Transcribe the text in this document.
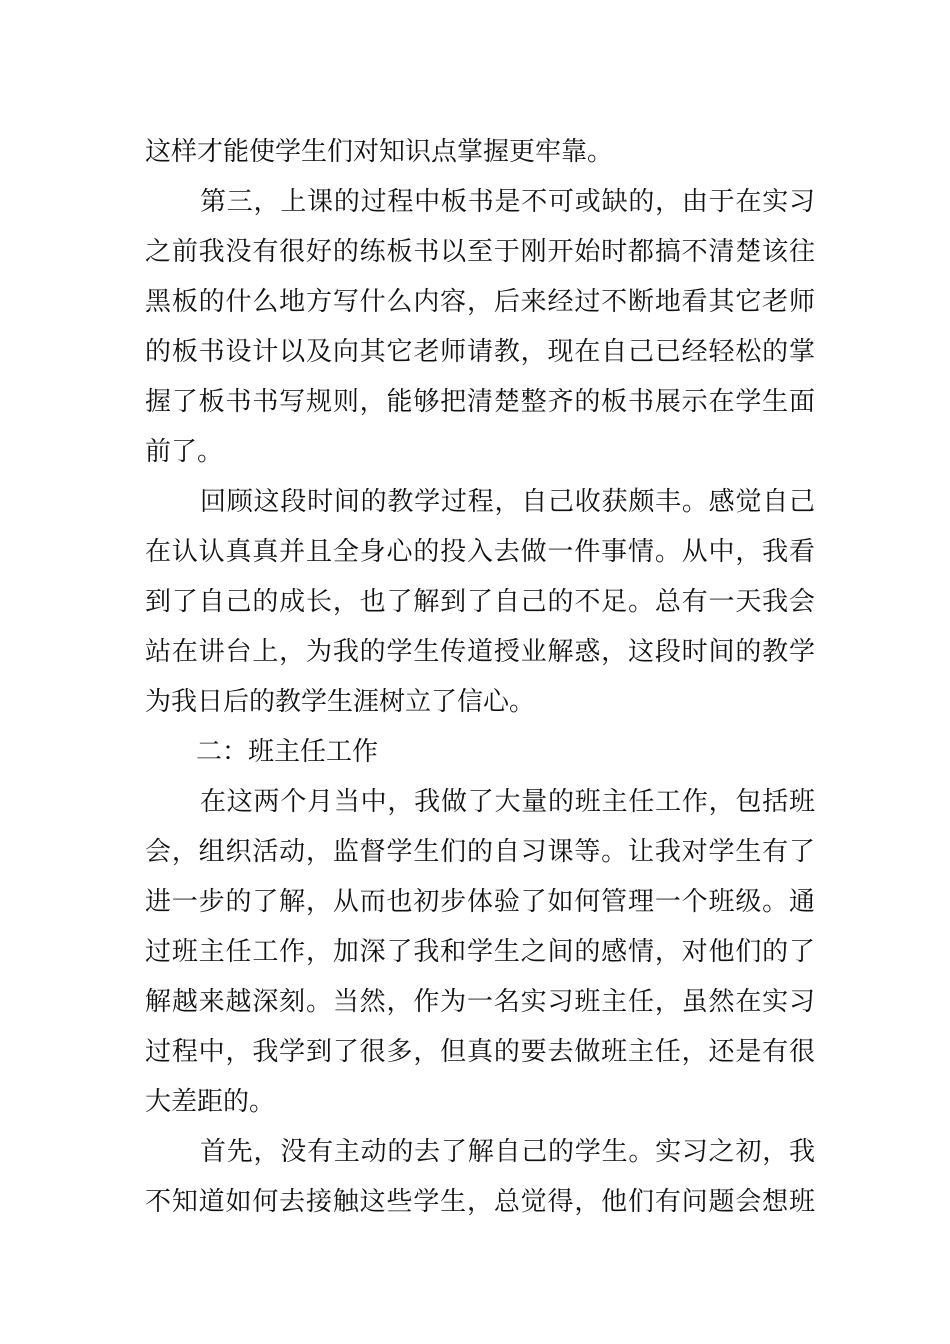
这样才能使学生们对知识点掌握更牢靠。
第三，上课的过程中板书是不可或缺的，由于在实习
之前我没有很好的练板书以至于刚开始时都搞不清楚该往
黑板的什么地方写什么内容，后来经过不断地看其它老师
的板书设计以及向其它老师请教，现在自己已经轻松的掌
握了板书书写规则，能够把清楚整齐的板书展示在学生面
前了。
回顾这段时间的教学过程，自己收获颇丰。感觉自己
在认认真真并且全身心的投入去做一件事情。从中，我看
到了自己的成长，也了解到了自己的不足。总有一天我会
站在讲台上，为我的学生传道授业解惑，这段时间的教学
为我日后的教学生涯树立了信心。
二：班主任工作
在这两个月当中，我做了大量的班主任工作，包括班
会，组织活动，监督学生们的自习课等。让我对学生有了
进一步的了解，从而也初步体验了如何管理一个班级。通
过班主任工作，加深了我和学生之间的感情，对他们的了
解越来越深刻。当然，作为一名实习班主任，虽然在实习
过程中，我学到了很多，但真的要去做班主任，还是有很
大差距的。
首先，没有主动的去了解自己的学生。实习之初，我
不知道如何去接触这些学生，总觉得，他们有问题会想班
